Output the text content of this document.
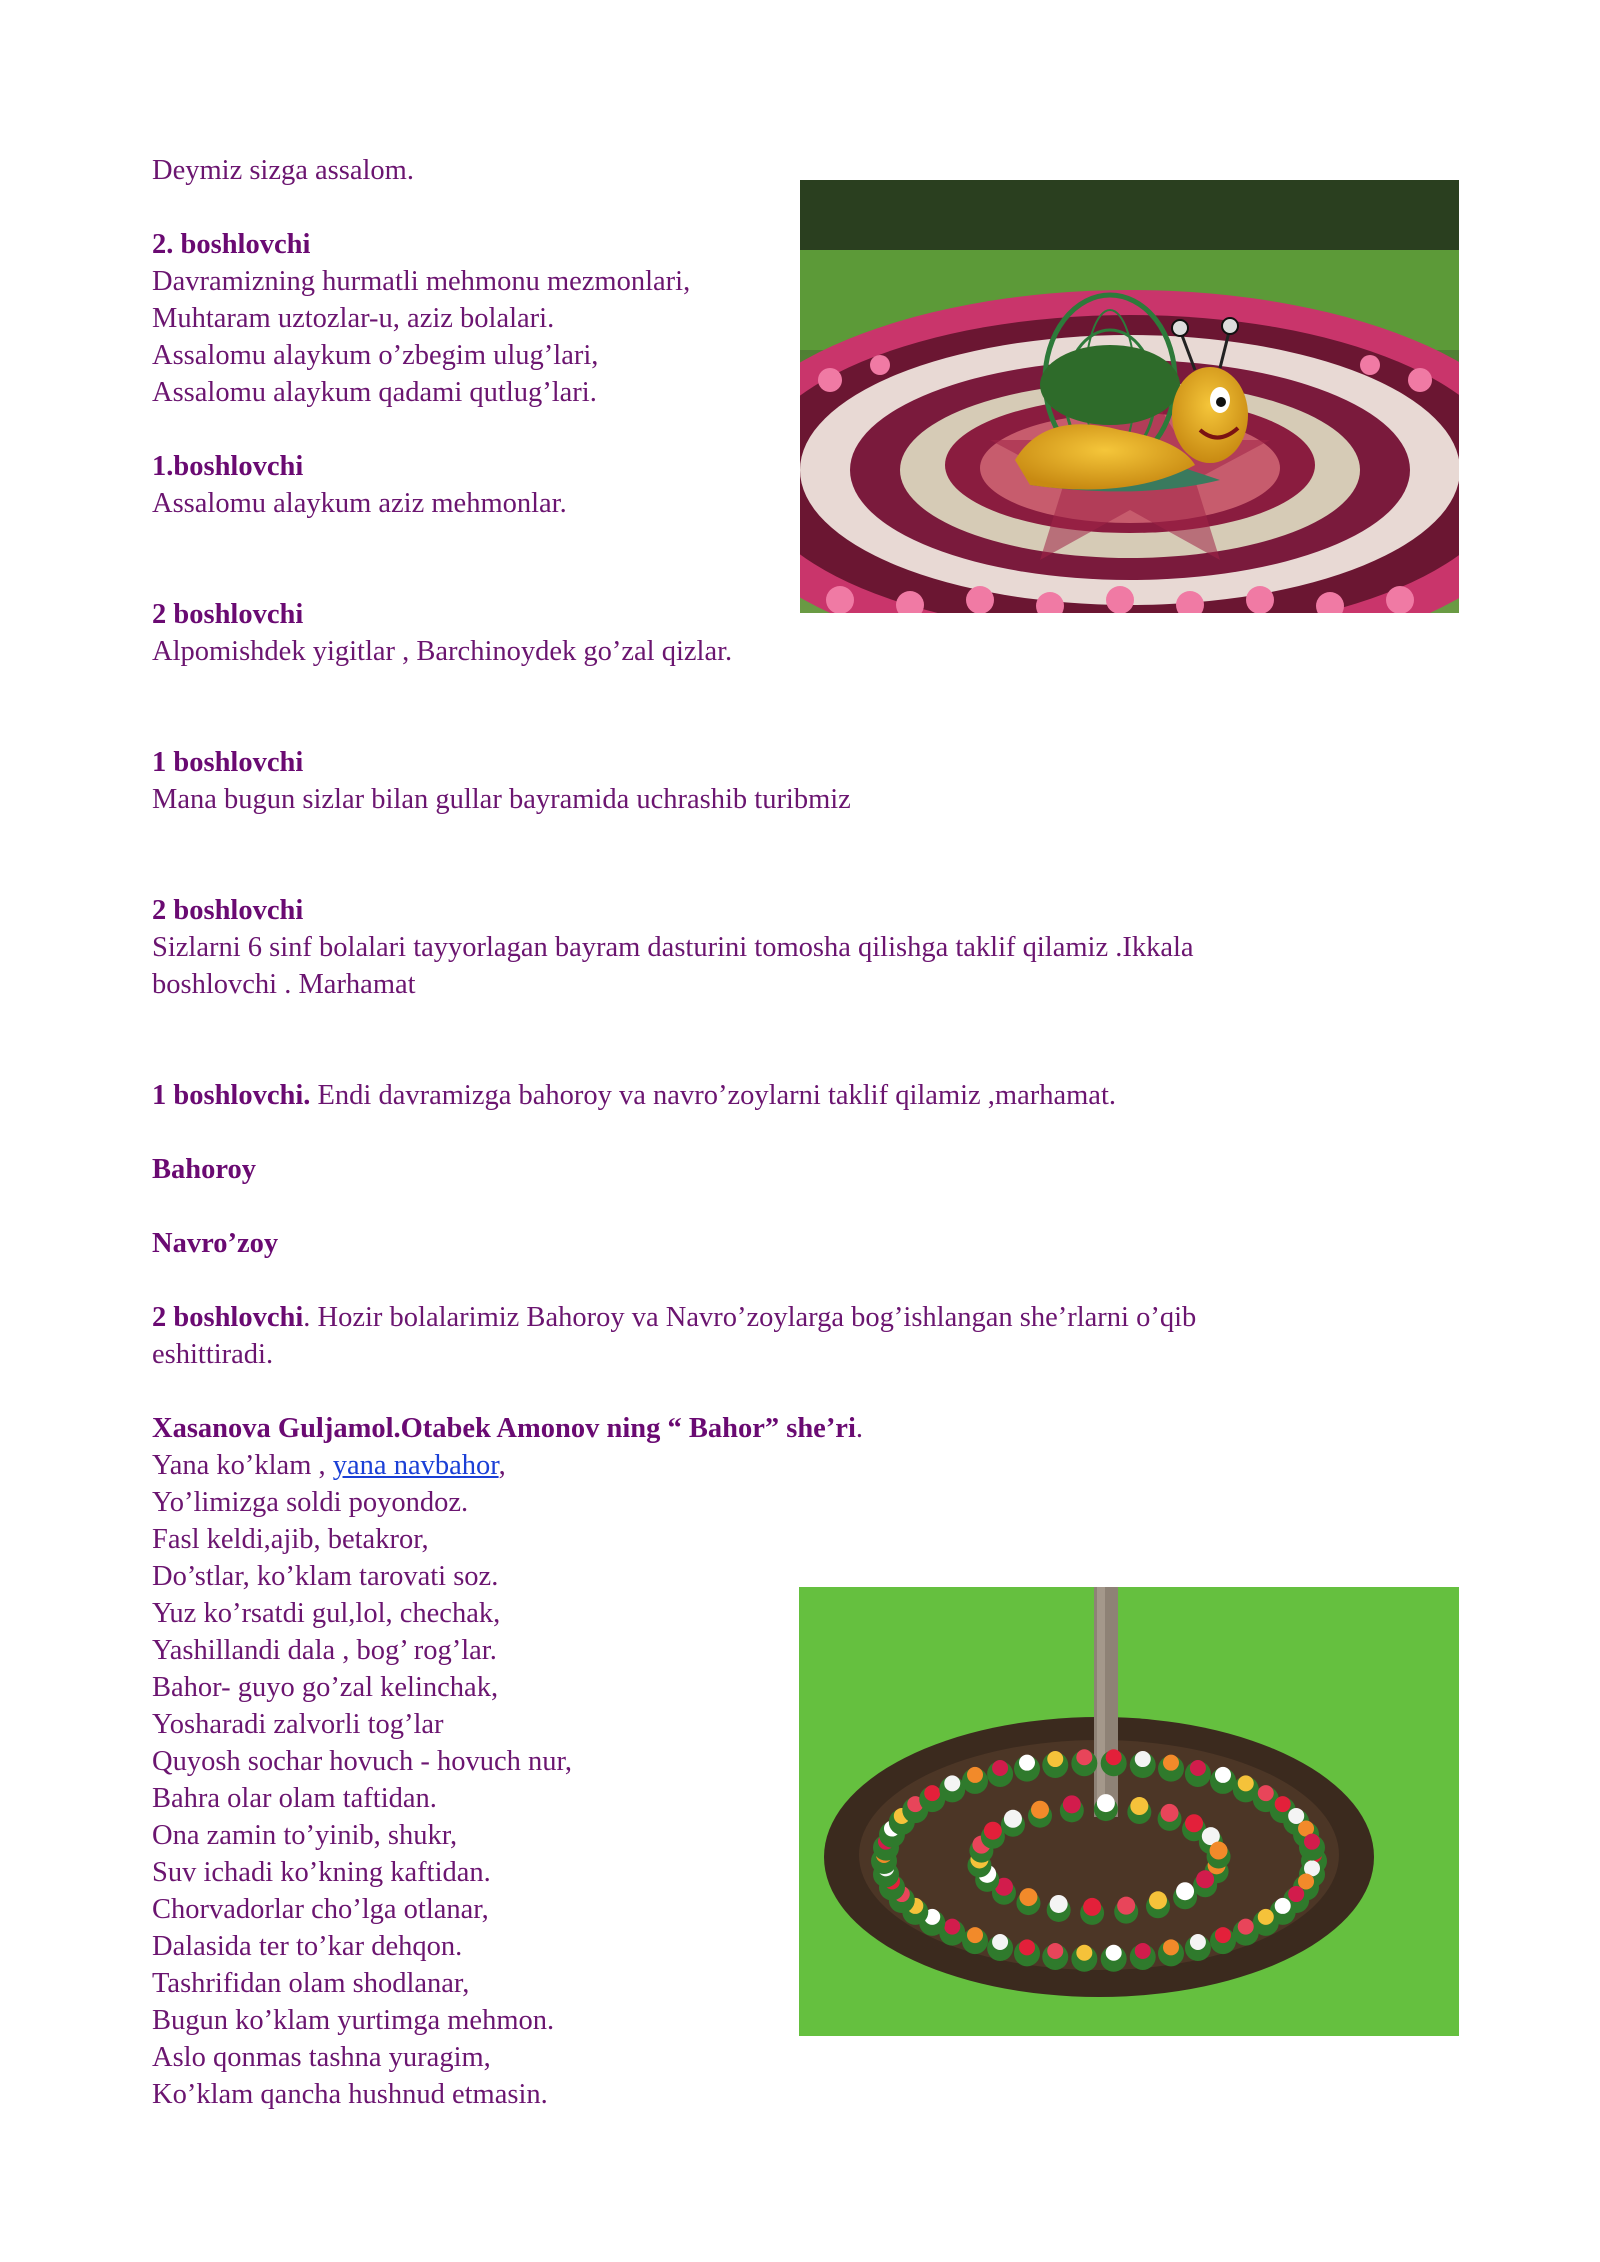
Deymiz sizga assalom.
2. boshlovchi
Davramizning hurmatli mehmonu mezmonlari,
Muhtaram uztozlar-u, aziz bolalari.
Assalomu alaykum o’zbegim ulug’lari,
Assalomu alaykum qadami qutlug’lari.
1.boshlovchi
Assalomu alaykum aziz mehmonlar.
2 boshlovchi
Alpomishdek yigitlar , Barchinoydek go’zal qizlar.
1 boshlovchi
Mana bugun sizlar bilan gullar bayramida uchrashib turibmiz
2 boshlovchi
Sizlarni 6 sinf bolalari tayyorlagan bayram dasturini tomosha qilishga taklif qilamiz .Ikkala
boshlovchi . Marhamat
1 boshlovchi. Endi davramizga bahoroy va navro’zoylarni taklif qilamiz ,marhamat.
Bahoroy
Navro’zoy
2 boshlovchi. Hozir bolalarimiz Bahoroy va Navro’zoylarga bog’ishlangan she’rlarni o’qib
eshittiradi.
Xasanova Guljamol.Otabek Amonov ning “ Bahor” she’ri.
Yana ko’klam , yana navbahor,
Yo’limizga soldi poyondoz.
Fasl keldi,ajib, betakror,
Do’stlar, ko’klam tarovati soz.
Yuz ko’rsatdi gul,lol, chechak,
Yashillandi dala , bog’ rog’lar.
Bahor- guyo go’zal kelinchak,
Yosharadi zalvorli tog’lar
Quyosh sochar hovuch - hovuch nur,
Bahra olar olam taftidan.
Ona zamin to’yinib, shukr,
Suv ichadi ko’kning kaftidan.
Chorvadorlar cho’lga otlanar,
Dalasida ter to’kar dehqon.
Tashrifidan olam shodlanar,
Bugun ko’klam yurtimga mehmon.
Aslo qonmas tashna yuragim,
Ko’klam qancha hushnud etmasin.
